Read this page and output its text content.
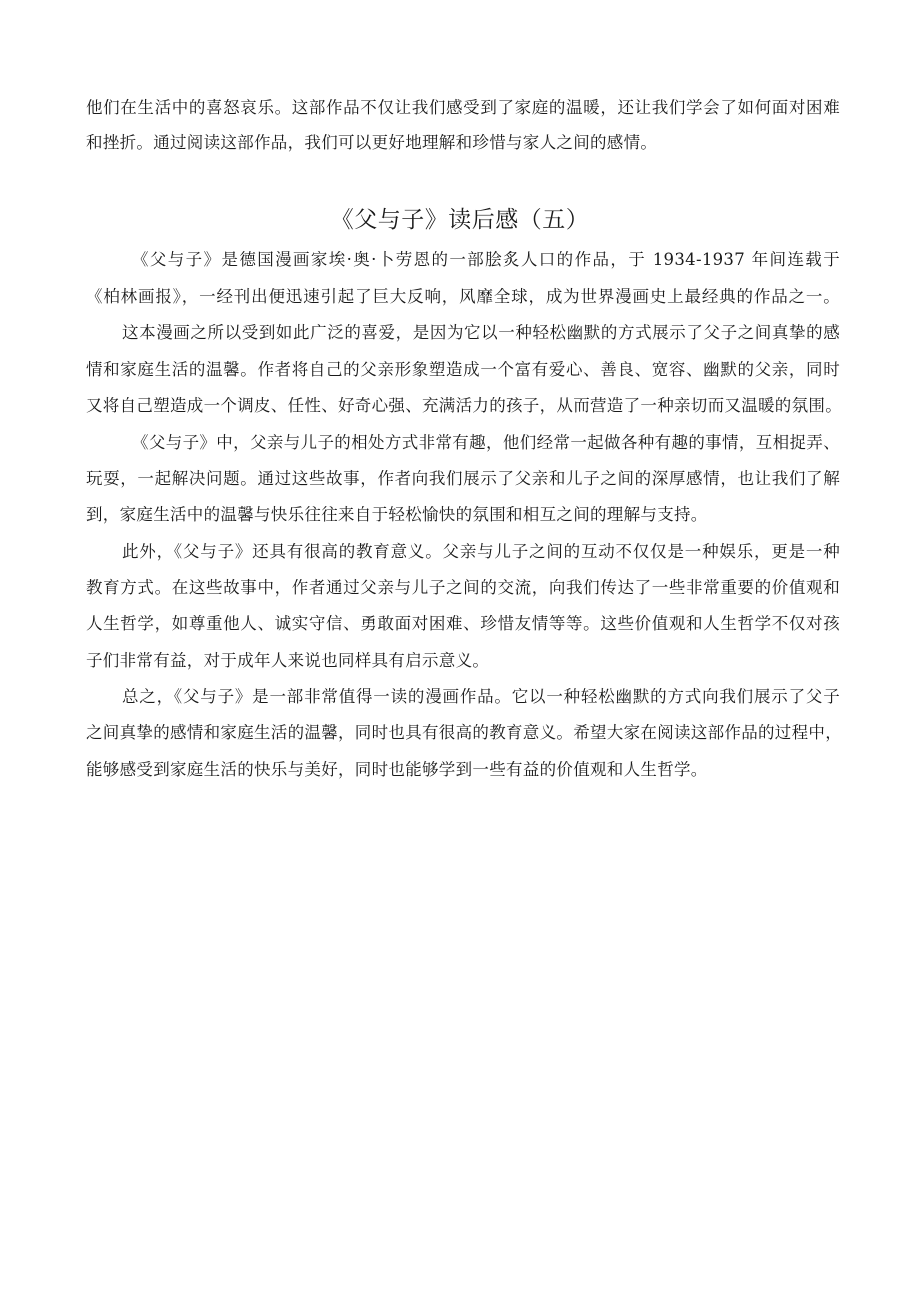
他们在生活中的喜怒哀乐。这部作品不仅让我们感受到了家庭的温暖，还让我们学会了如何面对困难
和挫折。通过阅读这部作品，我们可以更好地理解和珍惜与家人之间的感情。
《父与子》读后感（五）
《父与子》是德国漫画家埃·奥·卜劳恩的一部脍炙人口的作品，于 1934-1937 年间连载于
《柏林画报》，一经刊出便迅速引起了巨大反响，风靡全球，成为世界漫画史上最经典的作品之一。
这本漫画之所以受到如此广泛的喜爱，是因为它以一种轻松幽默的方式展示了父子之间真挚的感
情和家庭生活的温馨。作者将自己的父亲形象塑造成一个富有爱心、善良、宽容、幽默的父亲，同时
又将自己塑造成一个调皮、任性、好奇心强、充满活力的孩子，从而营造了一种亲切而又温暖的氛围。
《父与子》中，父亲与儿子的相处方式非常有趣，他们经常一起做各种有趣的事情，互相捉弄、
玩耍，一起解决问题。通过这些故事，作者向我们展示了父亲和儿子之间的深厚感情，也让我们了解
到，家庭生活中的温馨与快乐往往来自于轻松愉快的氛围和相互之间的理解与支持。
此外，《父与子》还具有很高的教育意义。父亲与儿子之间的互动不仅仅是一种娱乐，更是一种
教育方式。在这些故事中，作者通过父亲与儿子之间的交流，向我们传达了一些非常重要的价值观和
人生哲学，如尊重他人、诚实守信、勇敢面对困难、珍惜友情等等。这些价值观和人生哲学不仅对孩
子们非常有益，对于成年人来说也同样具有启示意义。
总之，《父与子》是一部非常值得一读的漫画作品。它以一种轻松幽默的方式向我们展示了父子
之间真挚的感情和家庭生活的温馨，同时也具有很高的教育意义。希望大家在阅读这部作品的过程中，
能够感受到家庭生活的快乐与美好，同时也能够学到一些有益的价值观和人生哲学。
